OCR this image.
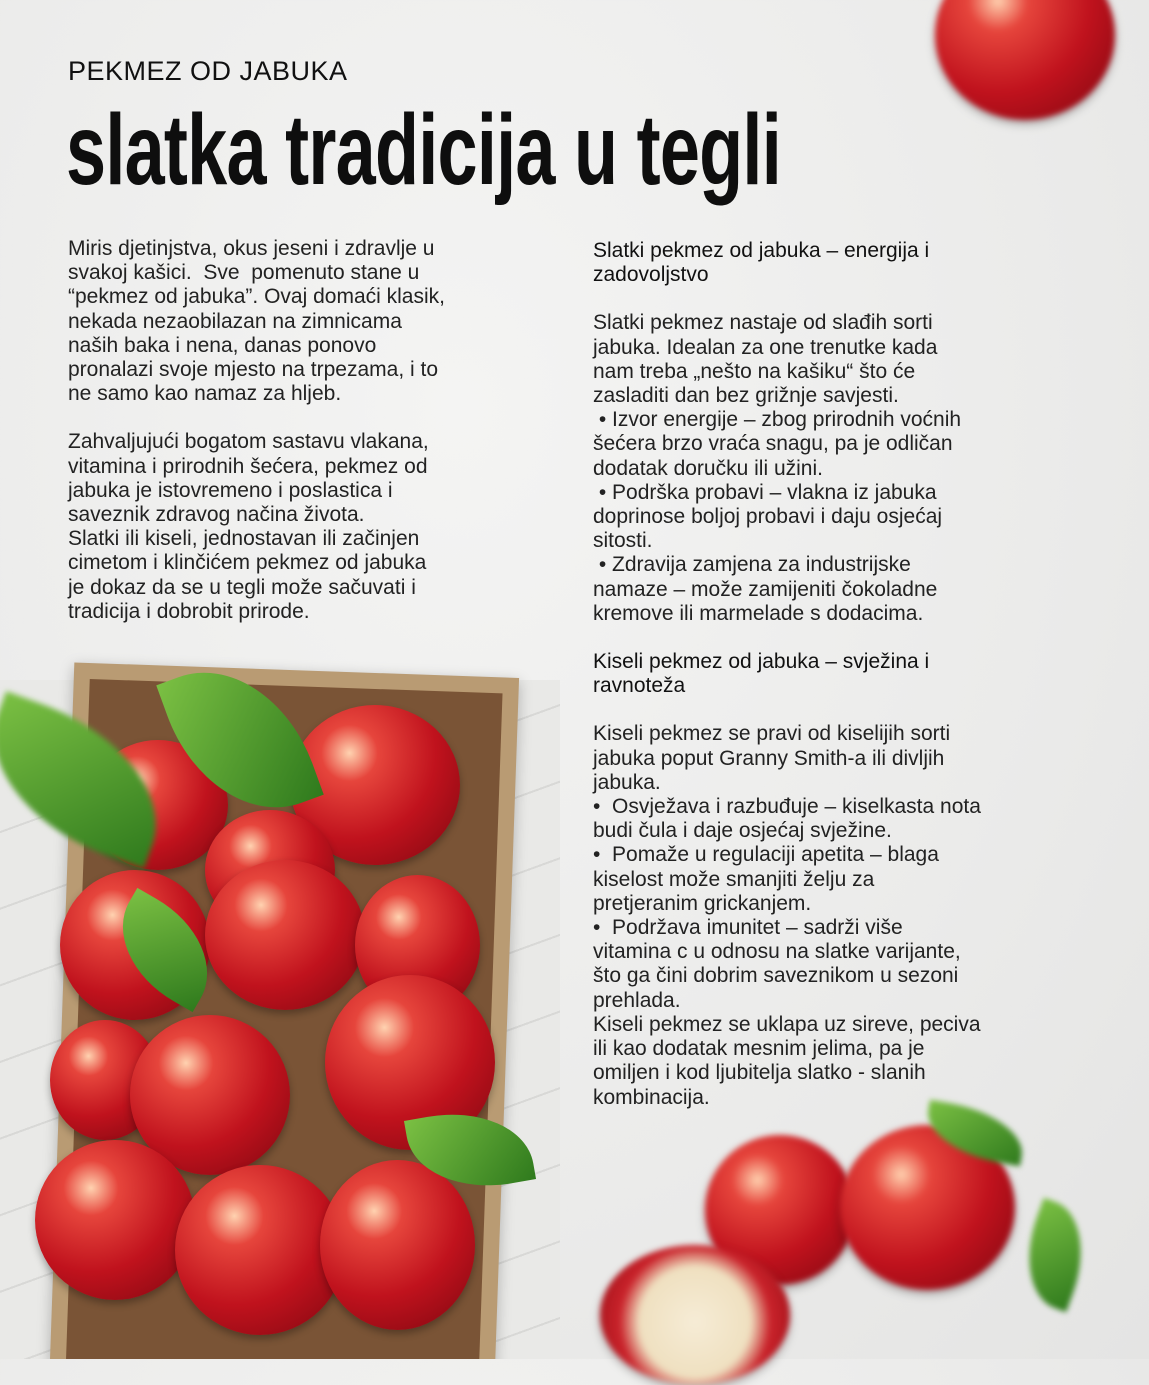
PEKMEZ OD JABUKA
slatka tradicija u tegli
Miris djetinjstva, okus jeseni i zdravlje u
svakoj kašici.  Sve  pomenuto stane u
“pekmez od jabuka”. Ovaj domaći klasik,
nekada nezaobilazan na zimnicama
naših baka i nena, danas ponovo
pronalazi svoje mjesto na trpezama, i to
ne samo kao namaz za hljeb.
Zahvaljujući bogatom sastavu vlakana,
vitamina i prirodnih šećera, pekmez od
jabuka je istovremeno i poslastica i
saveznik zdravog načina života.
Slatki ili kiseli, jednostavan ili začinjen
cimetom i klinčićem pekmez od jabuka
je dokaz da se u tegli može sačuvati i
tradicija i dobrobit prirode.
Slatki pekmez od jabuka – energija i
zadovoljstvo
Slatki pekmez nastaje od slađih sorti
jabuka. Idealan za one trenutke kada
nam treba „nešto na kašiku“ što će
zasladiti dan bez grižnje savjesti.
• Izvor energije – zbog prirodnih voćnih
šećera brzo vraća snagu, pa je odličan
dodatak doručku ili užini.
• Podrška probavi – vlakna iz jabuka
doprinose boljoj probavi i daju osjećaj
sitosti.
• Zdravija zamjena za industrijske
namaze – može zamijeniti čokoladne
kremove ili marmelade s dodacima.
Kiseli pekmez od jabuka – svježina i
ravnoteža
Kiseli pekmez se pravi od kiselijih sorti
jabuka poput Granny Smith-a ili divljih
jabuka.
•  Osvježava i razbuđuje – kiselkasta nota
budi čula i daje osjećaj svježine.
•  Pomaže u regulaciji apetita – blaga
kiselost može smanjiti želju za
pretjeranim grickanjem.
•  Podržava imunitet – sadrži više
vitamina c u odnosu na slatke varijante,
što ga čini dobrim saveznikom u sezoni
prehlada.
Kiseli pekmez se uklapa uz sireve, peciva
ili kao dodatak mesnim jelima, pa je
omiljen i kod ljubitelja slatko - slanih
kombinacija.
